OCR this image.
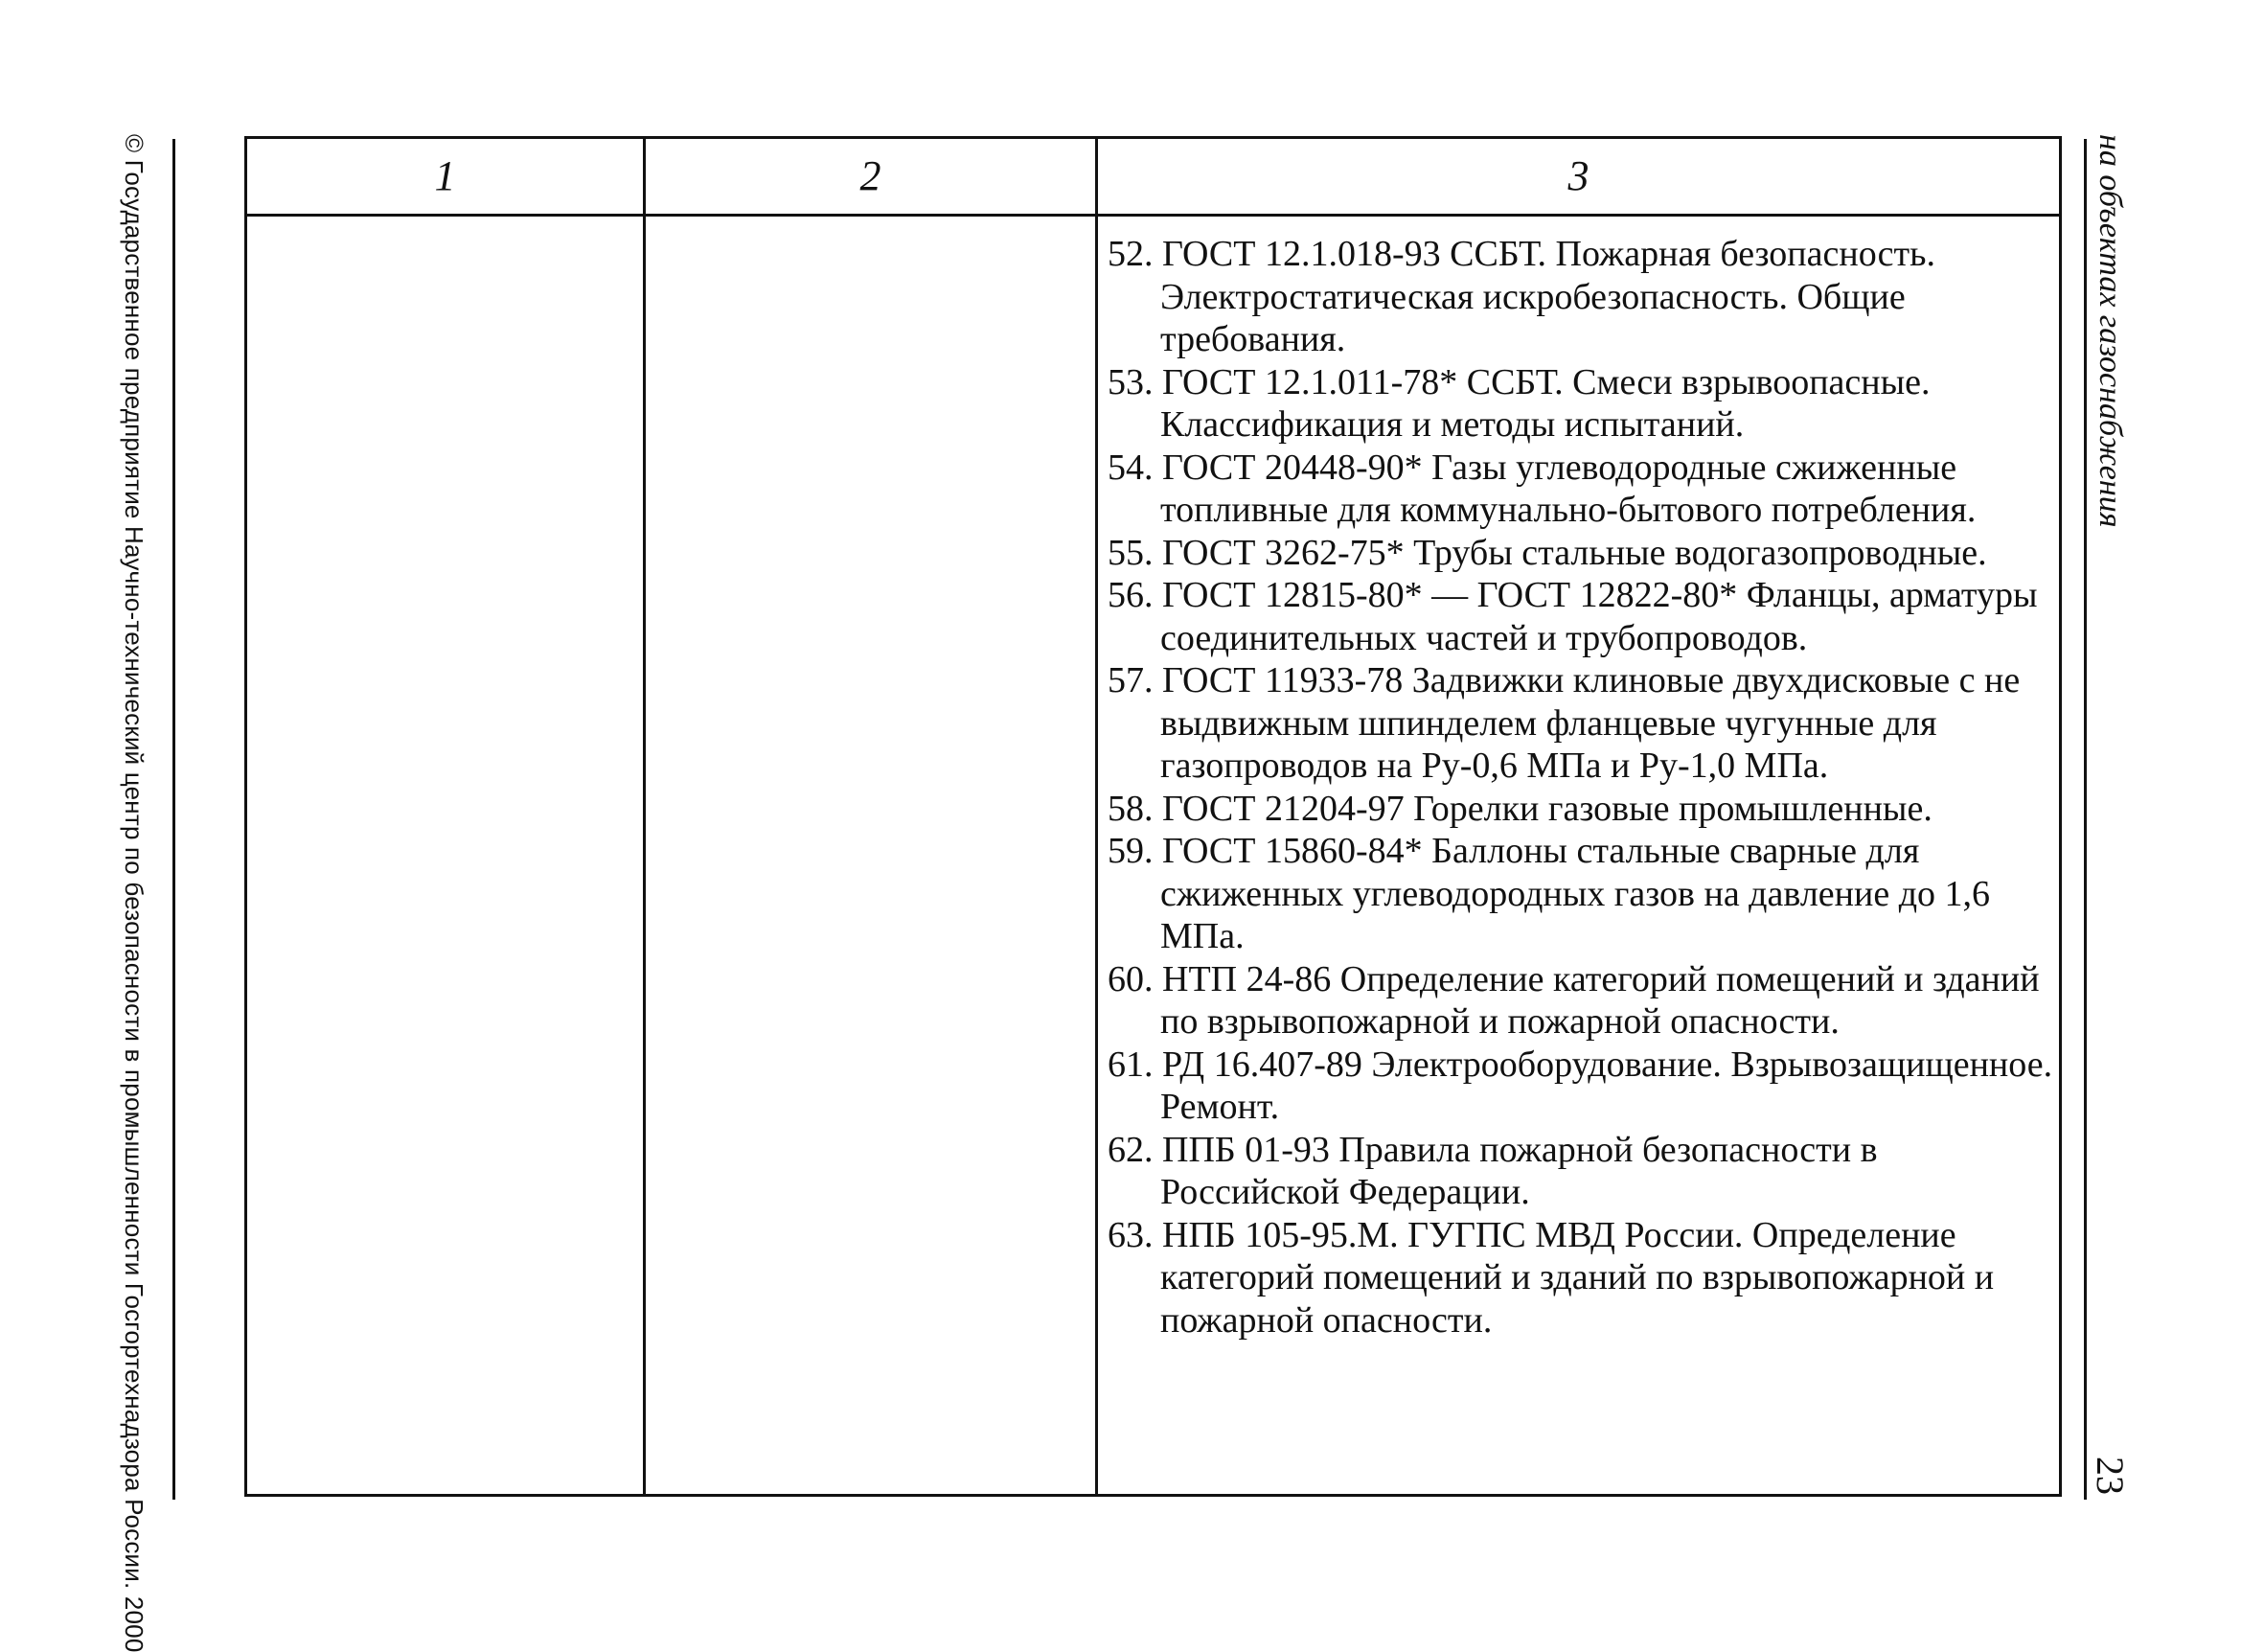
© Государственное предприятие Научно-технический центр по безопасности в промышленности Госгортехнадзора России. 2000	на объектах газоснабжения
23
1	2	3

52. ГОСТ 12.1.018-93 ССБТ. Пожарная безопасность. Электростатическая искробезопасность. Общие требования.

53. ГОСТ 12.1.011-78* ССБТ. Смеси взрывоопасные. Классификация и методы испытаний.

54. ГОСТ 20448-90* Газы углеводородные сжиженные топливные для коммунально-бытового потребления.

55. ГОСТ 3262-75* Трубы стальные водогазопроводные.

56. ГОСТ 12815-80* — ГОСТ 12822-80* Фланцы, арматуры соединительных частей и трубопроводов.

57. ГОСТ 11933-78 Задвижки клиновые двухдисковые с не выдвижным шпинделем фланцевые чугунные для газопроводов на Ру-0,6 МПа и Ру-1,0 МПа.

58. ГОСТ 21204-97 Горелки газовые промышленные.

59. ГОСТ 15860-84* Баллоны стальные сварные для сжиженных углеводородных газов на давление до 1,6 МПа.

60. НТП 24-86 Определение категорий помещений и зданий по взрывопожарной и пожарной опасности.

61. РД 16.407-89 Электрооборудование. Взрывозащищенное. Ремонт.

62. ППБ 01-93 Правила пожарной безопасности в Российской Федерации.

63. НПБ 105-95.М. ГУГПС МВД России. Определение категорий помещений и зданий по взрывопожарной и пожарной опасности.
